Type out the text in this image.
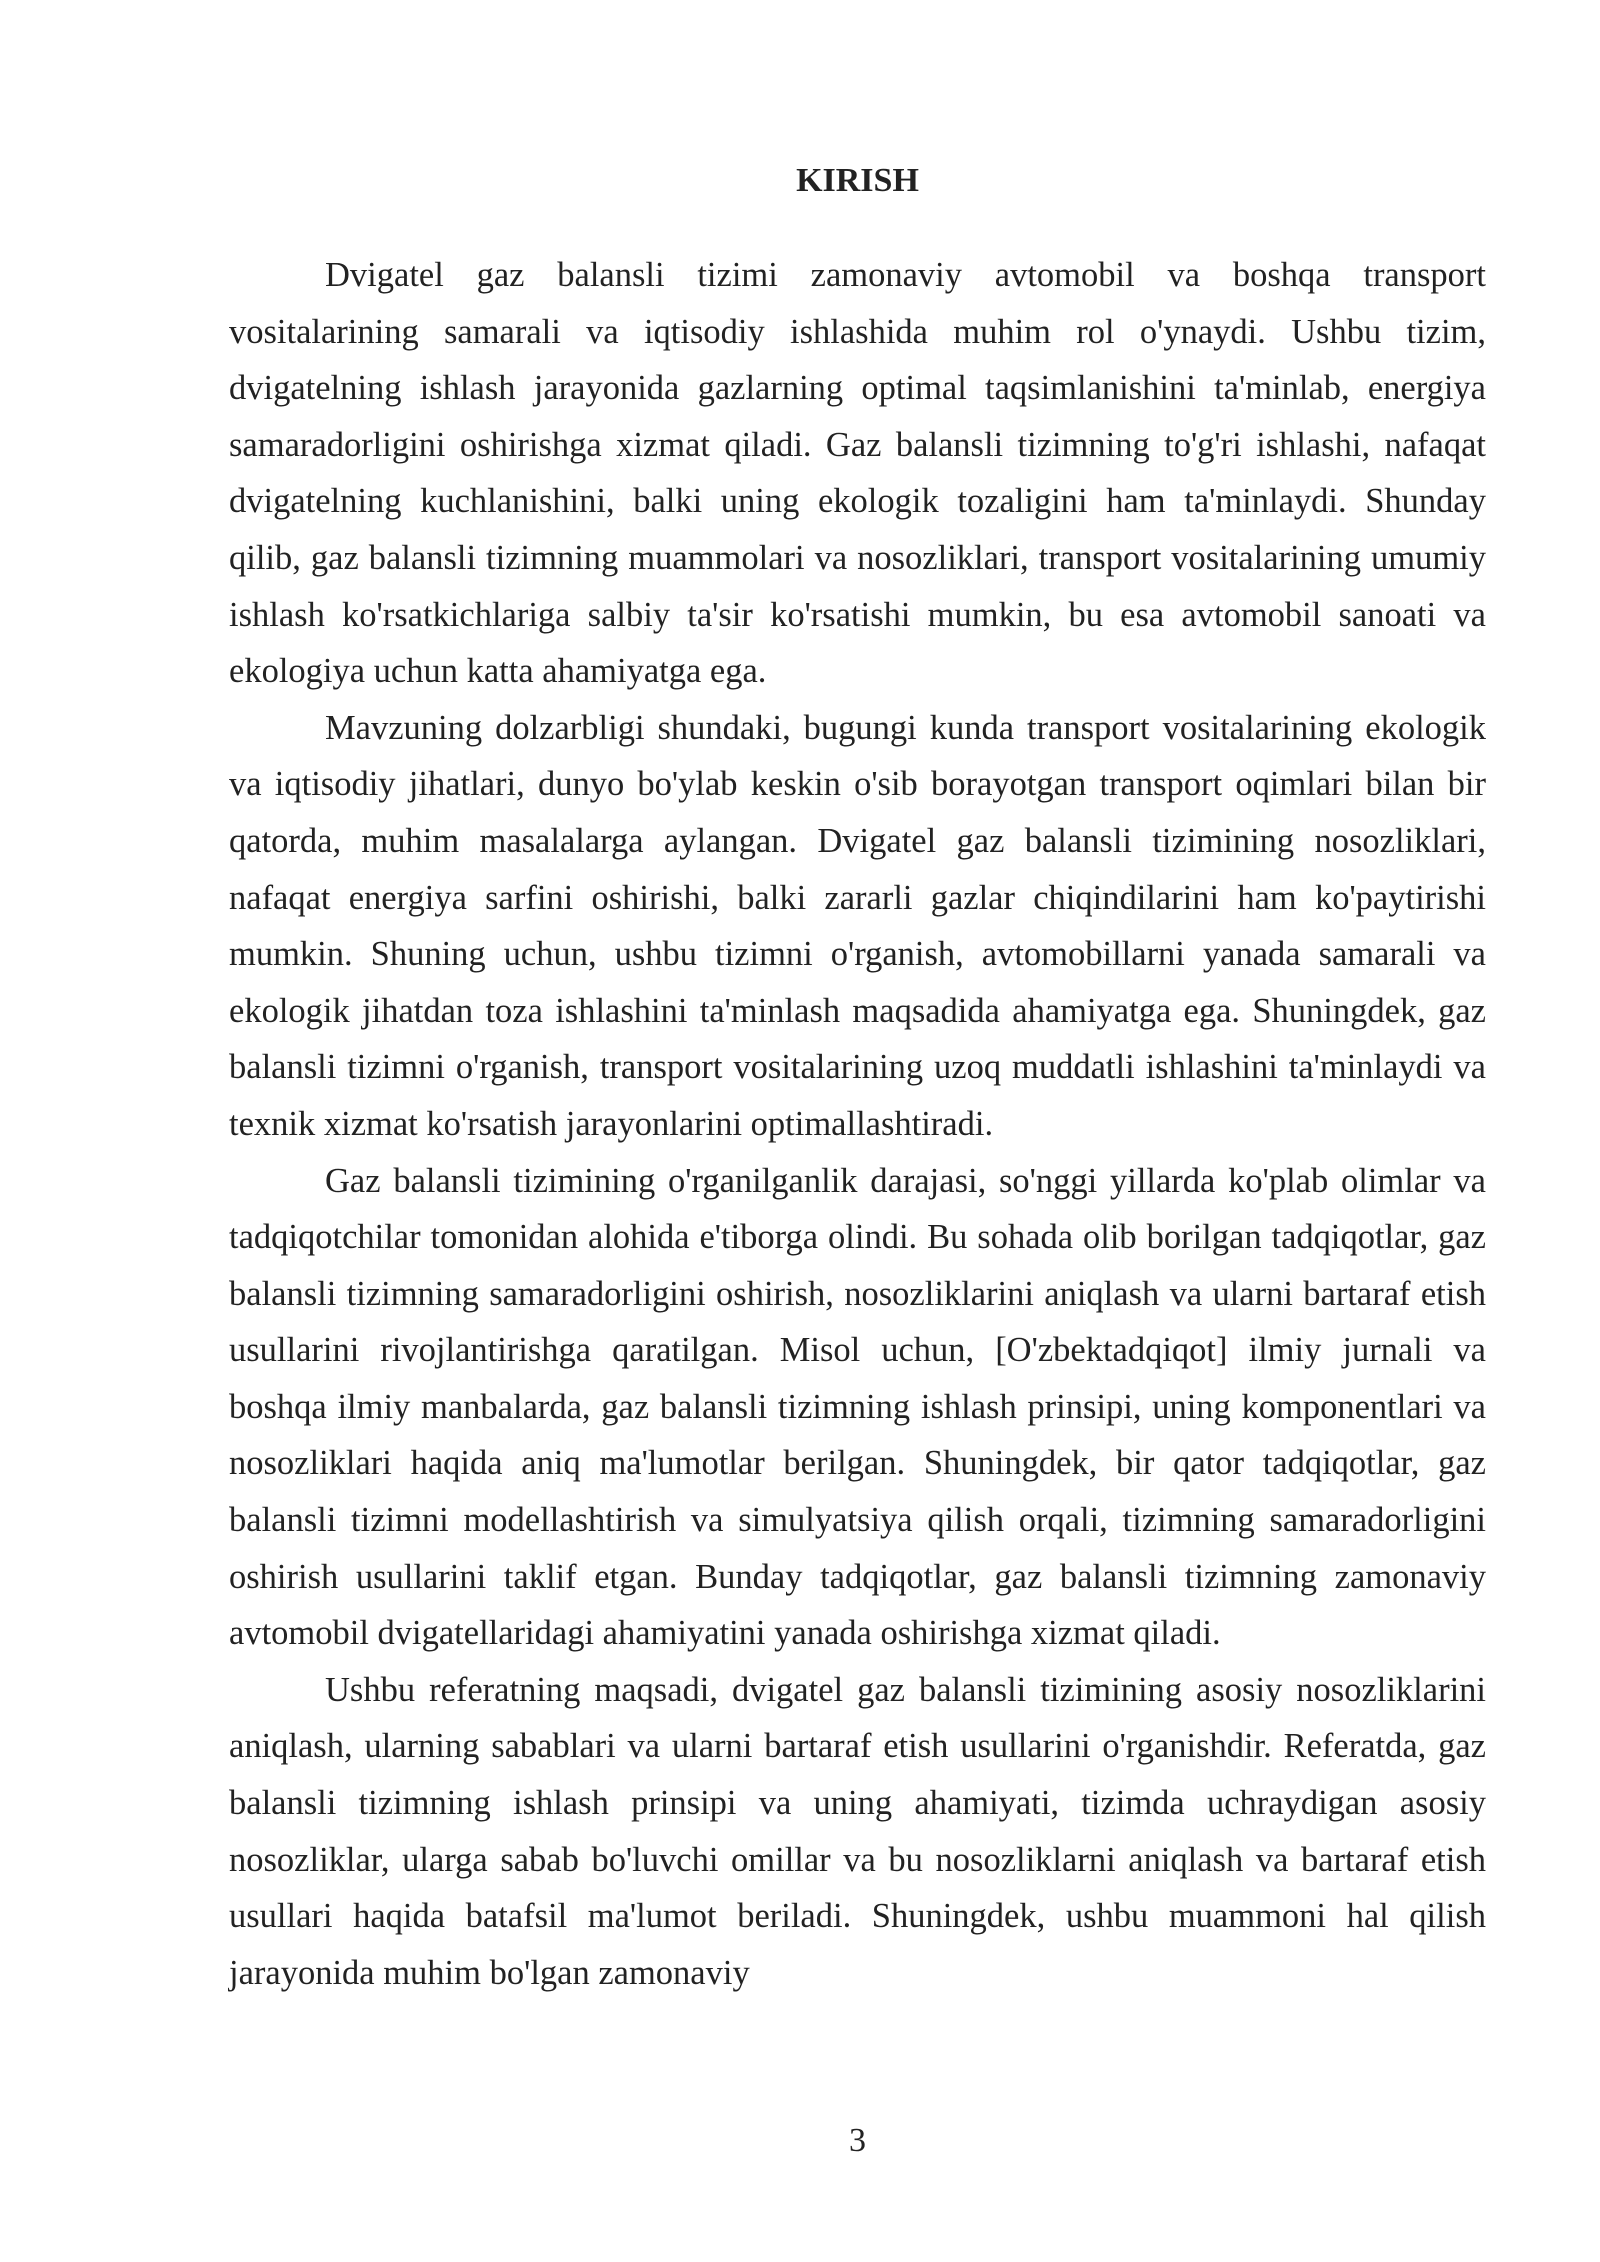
KIRISH

Dvigatel gaz balansli tizimi zamonaviy avtomobil va boshqa transport vositalarining samarali va iqtisodiy ishlashida muhim rol o'ynaydi. Ushbu tizim, dvigatelning ishlash jarayonida gazlarning optimal taqsimlanishini ta'minlab, energiya samaradorligini oshirishga xizmat qiladi. Gaz balansli tizimning to'g'ri ishlashi, nafaqat dvigatelning kuchlanishini, balki uning ekologik tozaligini ham ta'minlaydi. Shunday qilib, gaz balansli tizimning muammolari va nosozliklari, transport vositalarining umumiy ishlash ko'rsatkichlariga salbiy ta'sir ko'rsatishi mumkin, bu esa avtomobil sanoati va ekologiya uchun katta ahamiyatga ega.

Mavzuning dolzarbligi shundaki, bugungi kunda transport vositalarining ekologik va iqtisodiy jihatlari, dunyo bo'ylab keskin o'sib borayotgan transport oqimlari bilan bir qatorda, muhim masalalarga aylangan. Dvigatel gaz balansli tizimining nosozliklari, nafaqat energiya sarfini oshirishi, balki zararli gazlar chiqindilarini ham ko'paytirishi mumkin. Shuning uchun, ushbu tizimni o'rganish, avtomobillarni yanada samarali va ekologik jihatdan toza ishlashini ta'minlash maqsadida ahamiyatga ega. Shuningdek, gaz balansli tizimni o'rganish, transport vositalarining uzoq muddatli ishlashini ta'minlaydi va texnik xizmat ko'rsatish jarayonlarini optimallashtiradi.

Gaz balansli tizimining o'rganilganlik darajasi, so'nggi yillarda ko'plab olimlar va tadqiqotchilar tomonidan alohida e'tiborga olindi. Bu sohada olib borilgan tadqiqotlar, gaz balansli tizimning samaradorligini oshirish, nosozliklarini aniqlash va ularni bartaraf etish usullarini rivojlantirishga qaratilgan. Misol uchun, [O'zbektadqiqot] ilmiy jurnali va boshqa ilmiy manbalarda, gaz balansli tizimning ishlash prinsipi, uning komponentlari va nosozliklari haqida aniq ma'lumotlar berilgan. Shuningdek, bir qator tadqiqotlar, gaz balansli tizimni modellashtirish va simulyatsiya qilish orqali, tizimning samaradorligini oshirish usullarini taklif etgan. Bunday tadqiqotlar, gaz balansli tizimning zamonaviy avtomobil dvigatellaridagi ahamiyatini yanada oshirishga xizmat qiladi.

Ushbu referatning maqsadi, dvigatel gaz balansli tizimining asosiy nosozliklarini aniqlash, ularning sabablari va ularni bartaraf etish usullarini o'rganishdir. Referatda, gaz balansli tizimning ishlash prinsipi va uning ahamiyati, tizimda uchraydigan asosiy nosozliklar, ularga sabab bo'luvchi omillar va bu nosozliklarni aniqlash va bartaraf etish usullari haqida batafsil ma'lumot beriladi. Shuningdek, ushbu muammoni hal qilish jarayonida muhim bo'lgan zamonaviy

3
